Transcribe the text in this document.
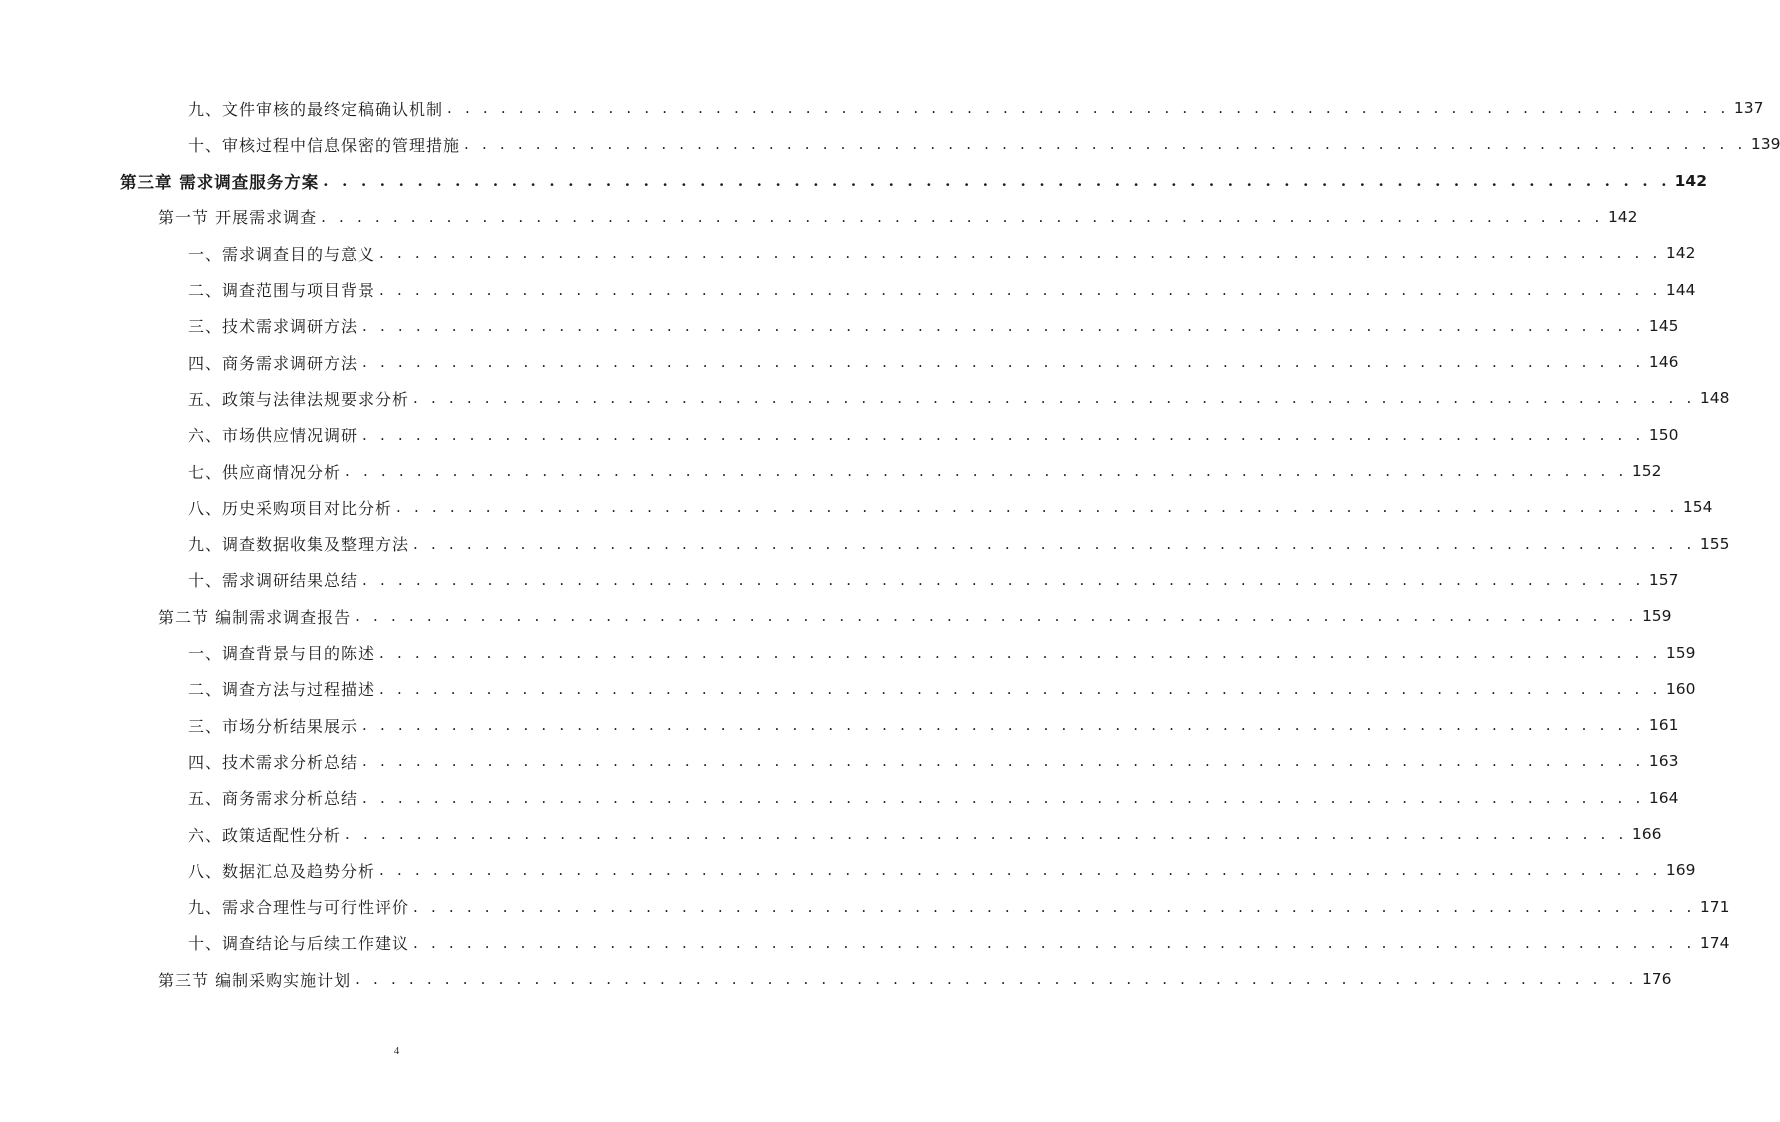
九、文件审核的最终定稿确认机制 . . . . . . . . . . . . . . . . . . . . . . . . . . . . . . . . . . . . . . . . . . . . . . . . . . . . . . . . . . . . . . . . . . . . . . . . 137
十、审核过程中信息保密的管理措施 . . . . . . . . . . . . . . . . . . . . . . . . . . . . . . . . . . . . . . . . . . . . . . . . . . . . . . . . . . . . . . . . . . . . . . . . 139
第三章 需求调查服务方案 . . . . . . . . . . . . . . . . . . . . . . . . . . . . . . . . . . . . . . . . . . . . . . . . . . . . . . . . . . . . . . . . . . . . . . . . 142
第一节 开展需求调查 . . . . . . . . . . . . . . . . . . . . . . . . . . . . . . . . . . . . . . . . . . . . . . . . . . . . . . . . . . . . . . . . . . . . . . . . 142
一、需求调查目的与意义 . . . . . . . . . . . . . . . . . . . . . . . . . . . . . . . . . . . . . . . . . . . . . . . . . . . . . . . . . . . . . . . . . . . . . . . . 142
二、调查范围与项目背景 . . . . . . . . . . . . . . . . . . . . . . . . . . . . . . . . . . . . . . . . . . . . . . . . . . . . . . . . . . . . . . . . . . . . . . . . 144
三、技术需求调研方法 . . . . . . . . . . . . . . . . . . . . . . . . . . . . . . . . . . . . . . . . . . . . . . . . . . . . . . . . . . . . . . . . . . . . . . . . 145
四、商务需求调研方法 . . . . . . . . . . . . . . . . . . . . . . . . . . . . . . . . . . . . . . . . . . . . . . . . . . . . . . . . . . . . . . . . . . . . . . . . 146
五、政策与法律法规要求分析 . . . . . . . . . . . . . . . . . . . . . . . . . . . . . . . . . . . . . . . . . . . . . . . . . . . . . . . . . . . . . . . . . . . . . . . . 148
六、市场供应情况调研 . . . . . . . . . . . . . . . . . . . . . . . . . . . . . . . . . . . . . . . . . . . . . . . . . . . . . . . . . . . . . . . . . . . . . . . . 150
七、供应商情况分析 . . . . . . . . . . . . . . . . . . . . . . . . . . . . . . . . . . . . . . . . . . . . . . . . . . . . . . . . . . . . . . . . . . . . . . . . 152
八、历史采购项目对比分析 . . . . . . . . . . . . . . . . . . . . . . . . . . . . . . . . . . . . . . . . . . . . . . . . . . . . . . . . . . . . . . . . . . . . . . . . 154
九、调查数据收集及整理方法 . . . . . . . . . . . . . . . . . . . . . . . . . . . . . . . . . . . . . . . . . . . . . . . . . . . . . . . . . . . . . . . . . . . . . . . . 155
十、需求调研结果总结 . . . . . . . . . . . . . . . . . . . . . . . . . . . . . . . . . . . . . . . . . . . . . . . . . . . . . . . . . . . . . . . . . . . . . . . . 157
第二节 编制需求调查报告 . . . . . . . . . . . . . . . . . . . . . . . . . . . . . . . . . . . . . . . . . . . . . . . . . . . . . . . . . . . . . . . . . . . . . . . . 159
一、调查背景与目的陈述 . . . . . . . . . . . . . . . . . . . . . . . . . . . . . . . . . . . . . . . . . . . . . . . . . . . . . . . . . . . . . . . . . . . . . . . . 159
二、调查方法与过程描述 . . . . . . . . . . . . . . . . . . . . . . . . . . . . . . . . . . . . . . . . . . . . . . . . . . . . . . . . . . . . . . . . . . . . . . . . 160
三、市场分析结果展示 . . . . . . . . . . . . . . . . . . . . . . . . . . . . . . . . . . . . . . . . . . . . . . . . . . . . . . . . . . . . . . . . . . . . . . . . 161
四、技术需求分析总结 . . . . . . . . . . . . . . . . . . . . . . . . . . . . . . . . . . . . . . . . . . . . . . . . . . . . . . . . . . . . . . . . . . . . . . . . 163
五、商务需求分析总结 . . . . . . . . . . . . . . . . . . . . . . . . . . . . . . . . . . . . . . . . . . . . . . . . . . . . . . . . . . . . . . . . . . . . . . . . 164
六、政策适配性分析 . . . . . . . . . . . . . . . . . . . . . . . . . . . . . . . . . . . . . . . . . . . . . . . . . . . . . . . . . . . . . . . . . . . . . . . . 166
八、数据汇总及趋势分析 . . . . . . . . . . . . . . . . . . . . . . . . . . . . . . . . . . . . . . . . . . . . . . . . . . . . . . . . . . . . . . . . . . . . . . . . 169
九、需求合理性与可行性评价 . . . . . . . . . . . . . . . . . . . . . . . . . . . . . . . . . . . . . . . . . . . . . . . . . . . . . . . . . . . . . . . . . . . . . . . . 171
十、调查结论与后续工作建议 . . . . . . . . . . . . . . . . . . . . . . . . . . . . . . . . . . . . . . . . . . . . . . . . . . . . . . . . . . . . . . . . . . . . . . . . 174
第三节 编制采购实施计划 . . . . . . . . . . . . . . . . . . . . . . . . . . . . . . . . . . . . . . . . . . . . . . . . . . . . . . . . . . . . . . . . . . . . . . . . 176
4
